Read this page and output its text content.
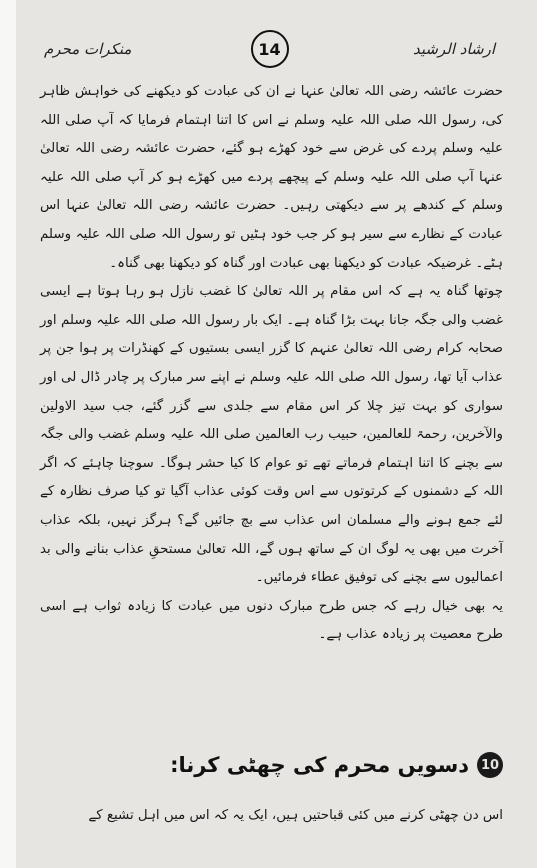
منکرات محرم	14	ارشاد الرشید

حضرت عائشہ رضی اللہ تعالیٰ عنہا نے ان کی عبادت کو دیکھنے کی خواہش ظاہر کی، رسول اللہ صلی اللہ علیہ وسلم نے اس کا اتنا اہتمام فرمایا کہ آپ صلی اللہ علیہ وسلم پردے کی غرض سے خود کھڑے ہو گئے، حضرت عائشہ رضی اللہ تعالیٰ عنہا آپ صلی اللہ علیہ وسلم کے پیچھے پردے میں کھڑے ہو کر آپ صلی اللہ علیہ وسلم کے کندھے پر سے دیکھتی رہیں۔ حضرت عائشہ رضی اللہ تعالیٰ عنہا اس عبادت کے نظارے سے سیر ہو کر جب خود ہٹیں تو رسول اللہ صلی اللہ علیہ وسلم ہٹے۔ غرضیکہ عبادت کو دیکھنا بھی عبادت اور گناہ کو دیکھنا بھی گناہ۔

چوتھا گناہ یہ ہے کہ اس مقام پر اللہ تعالیٰ کا غضب نازل ہو رہا ہوتا ہے ایسی غضب والی جگہ جانا بہت بڑا گناہ ہے۔ ایک بار رسول اللہ صلی اللہ علیہ وسلم اور صحابہ کرام رضی اللہ تعالیٰ عنہم کا گزر ایسی بستیوں کے کھنڈرات پر ہوا جن پر عذاب آیا تھا، رسول اللہ صلی اللہ علیہ وسلم نے اپنے سر مبارک پر چادر ڈال لی اور سواری کو بہت تیز چلا کر اس مقام سے جلدی سے گزر گئے، جب سید الاولین والآخرین، رحمۃ للعالمین، حبیب رب العالمین صلی اللہ علیہ وسلم غضب والی جگہ سے بچنے کا اتنا اہتمام فرماتے تھے تو عوام کا کیا حشر ہوگا۔ سوچنا چاہئے کہ اگر اللہ کے دشمنوں کے کرتوتوں سے اس وقت کوئی عذاب آگیا تو کیا صرف نظارہ کے لئے جمع ہونے والے مسلمان اس عذاب سے بچ جائیں گے؟ ہرگز نہیں، بلکہ عذاب آخرت میں بھی یہ لوگ ان کے ساتھ ہوں گے، اللہ تعالیٰ مستحقِ عذاب بنانے والی بد اعمالیوں سے بچنے کی توفیق عطاء فرمائیں۔

یہ بھی خیال رہے کہ جس طرح مبارک دنوں میں عبادت کا زیادہ ثواب ہے اسی طرح معصیت پر زیادہ عذاب ہے۔

10
دسویں محرم کی چھٹی کرنا:
اس دن چھٹی کرنے میں کئی قباحتیں ہیں، ایک یہ کہ اس میں اہل تشیع کے
